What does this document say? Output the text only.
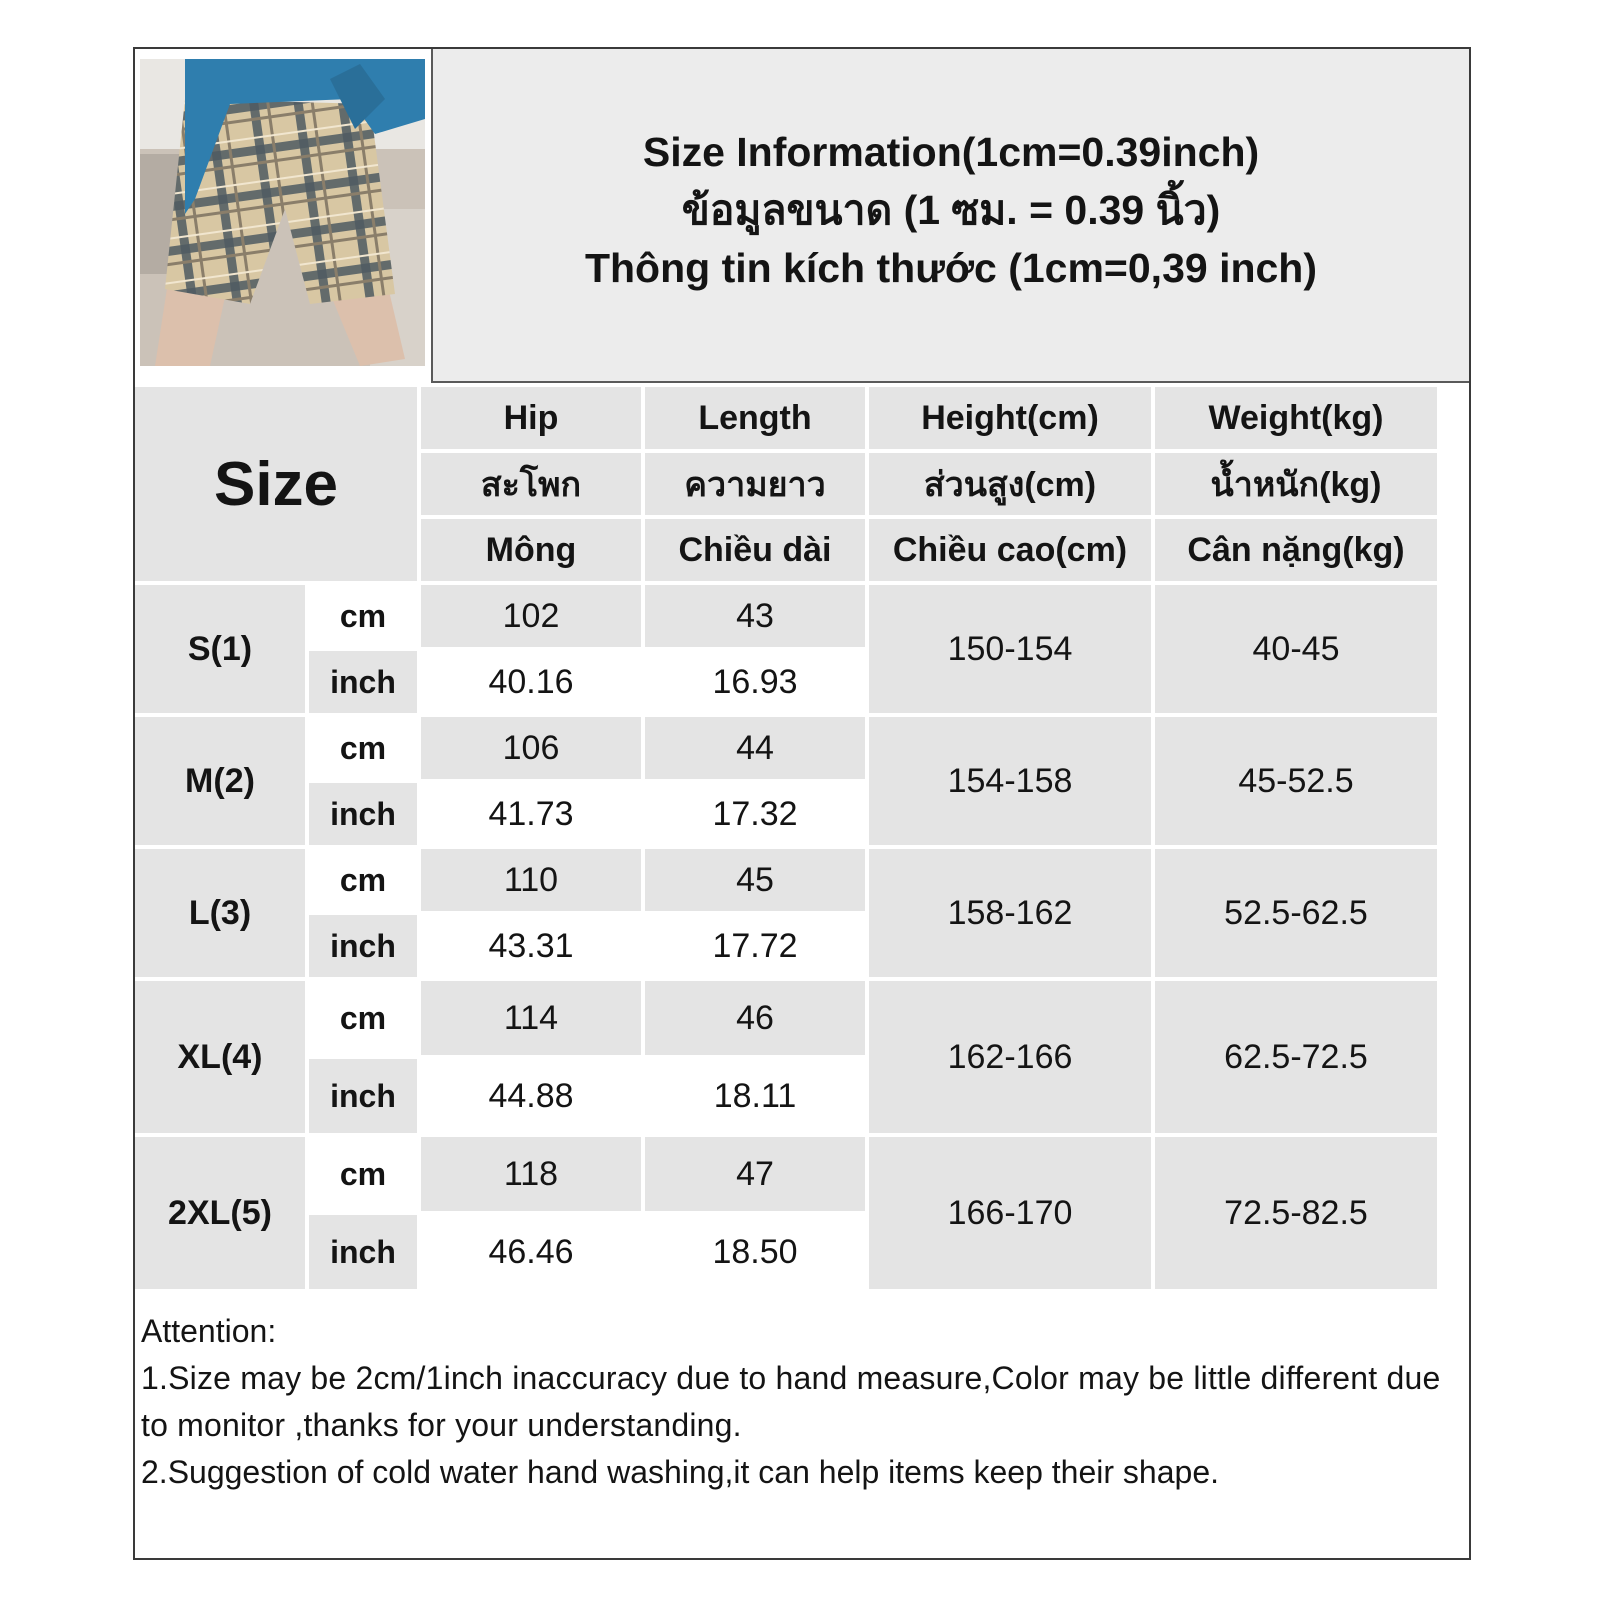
Size Information(1cm=0.39inch)
ข้อมูลขนาด (1 ซม. = 0.39 นิ้ว)
Thông tin kích thước (1cm=0,39 inch)
Size		Hip	Length	Height(cm)	Weight(kg)
		สะโพก	ความยาว	ส่วนสูง(cm)	น้ำหนัก(kg)
		Mông	Chiều dài	Chiều cao(cm)	Cân nặng(kg)
S(1)	cm	102	43	150-154	40-45
	inch	40.16	16.93		
M(2)	cm	106	44	154-158	45-52.5
	inch	41.73	17.32		
L(3)	cm	110	45	158-162	52.5-62.5
	inch	43.31	17.72		
XL(4)	cm	114	46	162-166	62.5-72.5
	inch	44.88	18.11		
2XL(5)	cm	118	47	166-170	72.5-82.5
	inch	46.46	18.50		
Attention:
1.Size may be 2cm/1inch inaccuracy due to hand measure,Color may be little different due to monitor ,thanks for your understanding.
2.Suggestion of cold water hand washing,it can help items keep their shape.
